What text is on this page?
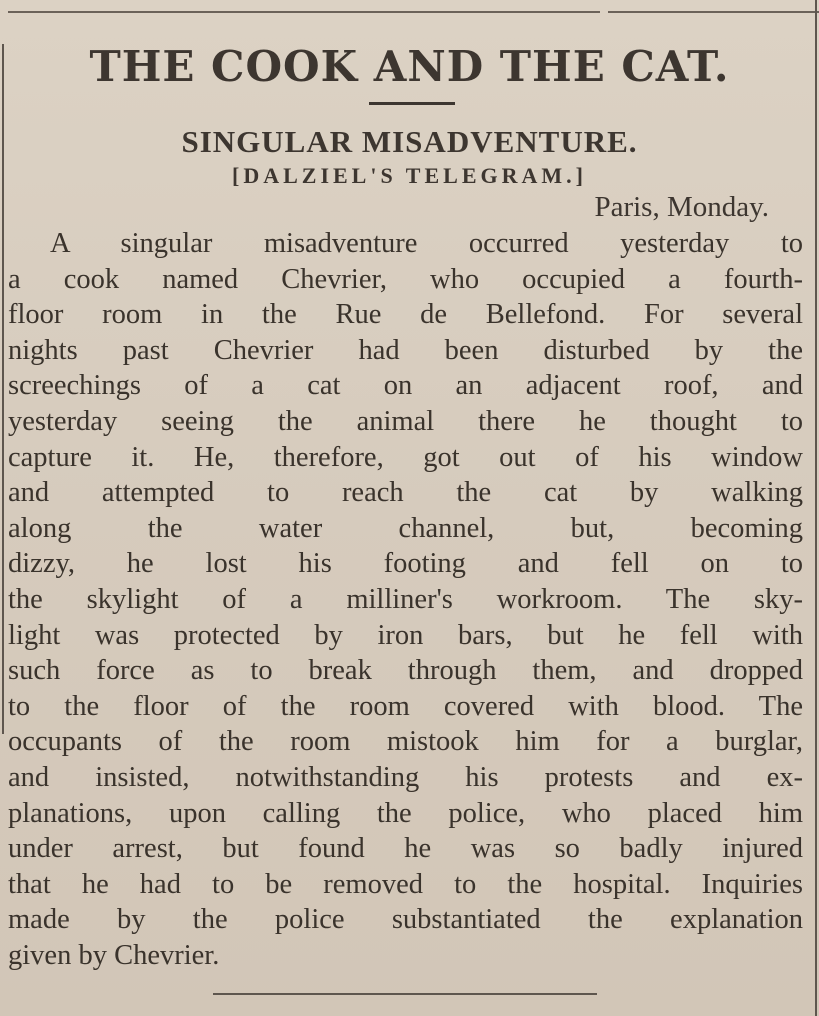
THE COOK AND THE CAT.
SINGULAR MISADVENTURE.

[DALZIEL'S TELEGRAM.]

Paris, Monday.

A singular misadventure occurred yesterday to
a cook named Chevrier, who occupied a fourth-
floor room in the Rue de Bellefond. For several
nights past Chevrier had been disturbed by the
screechings of a cat on an adjacent roof, and
yesterday seeing the animal there he thought to
capture it. He, therefore, got out of his window
and attempted to reach the cat by walking
along the water channel, but, becoming
dizzy, he lost his footing and fell on to
the skylight of a milliner's workroom. The sky-
light was protected by iron bars, but he fell with
such force as to break through them, and dropped
to the floor of the room covered with blood. The
occupants of the room mistook him for a burglar,
and insisted, notwithstanding his protests and ex-
planations, upon calling the police, who placed him
under arrest, but found he was so badly injured
that he had to be removed to the hospital. Inquiries
made by the police substantiated the explanation
given by Chevrier.
